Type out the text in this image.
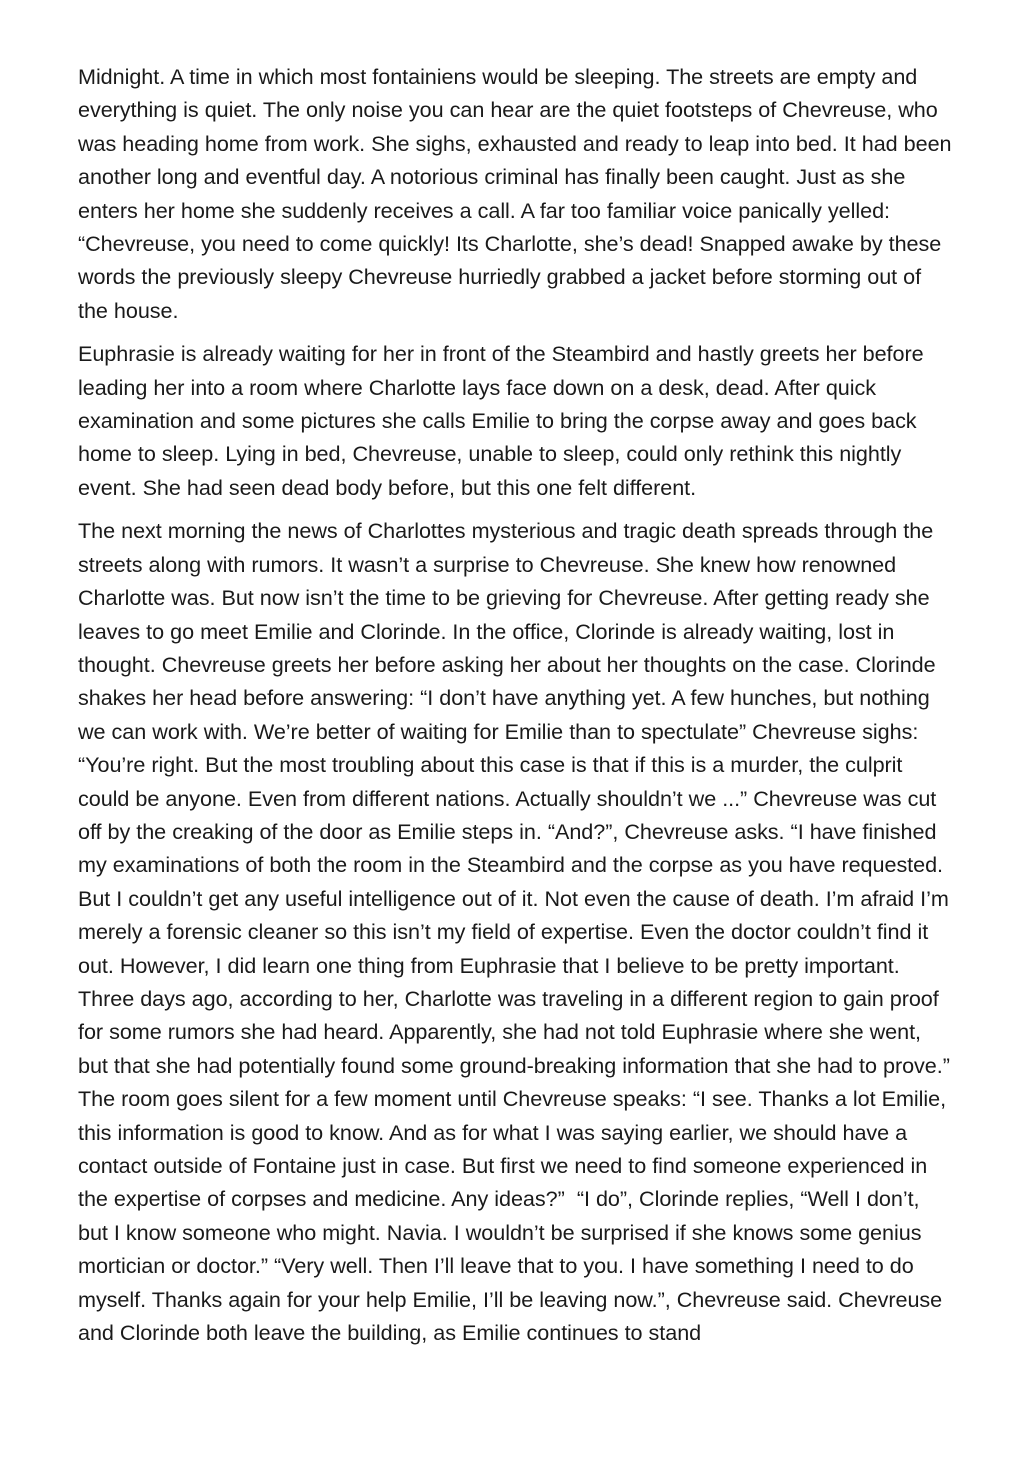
Midnight. A time in which most fontainiens would be sleeping. The streets are empty and everything is quiet. The only noise you can hear are the quiet footsteps of Chevreuse, who was heading home from work. She sighs, exhausted and ready to leap into bed. It had been another long and eventful day. A notorious criminal has finally been caught. Just as she enters her home she suddenly receives a call. A far too familiar voice panically yelled: “Chevreuse, you need to come quickly! Its Charlotte, she’s dead! Snapped awake by these words the previously sleepy Chevreuse hurriedly grabbed a jacket before storming out of the house.

Euphrasie is already waiting for her in front of the Steambird and hastly greets her before leading her into a room where Charlotte lays face down on a desk, dead. After quick examination and some pictures she calls Emilie to bring the corpse away and goes back home to sleep. Lying in bed, Chevreuse, unable to sleep, could only rethink this nightly event. She had seen dead body before, but this one felt different.

The next morning the news of Charlottes mysterious and tragic death spreads through the streets along with rumors. It wasn’t a surprise to Chevreuse. She knew how renowned Charlotte was. But now isn’t the time to be grieving for Chevreuse. After getting ready she leaves to go meet Emilie and Clorinde. In the office, Clorinde is already waiting, lost in thought. Chevreuse greets her before asking her about her thoughts on the case. Clorinde shakes her head before answering: “I don’t have anything yet. A few hunches, but nothing we can work with. We’re better of waiting for Emilie than to spectulate” Chevreuse sighs: “You’re right. But the most troubling about this case is that if this is a murder, the culprit could be anyone. Even from different nations. Actually shouldn’t we ...” Chevreuse was cut off by the creaking of the door as Emilie steps in. “And?”, Chevreuse asks. “I have finished my examinations of both the room in the Steambird and the corpse as you have requested. But I couldn’t get any useful intelligence out of it. Not even the cause of death. I’m afraid I’m merely a forensic cleaner so this isn’t my field of expertise. Even the doctor couldn’t find it out. However, I did learn one thing from Euphrasie that I believe to be pretty important. Three days ago, according to her, Charlotte was traveling in a different region to gain proof for some rumors she had heard. Apparently, she had not told Euphrasie where she went, but that she had potentially found some ground-breaking information that she had to prove.” The room goes silent for a few moment until Chevreuse speaks: “I see. Thanks a lot Emilie, this information is good to know. And as for what I was saying earlier, we should have a contact outside of Fontaine just in case. But first we need to find someone experienced in the expertise of corpses and medicine. Any ideas?”  “I do”, Clorinde replies, “Well I don’t, but I know someone who might. Navia. I wouldn’t be surprised if she knows some genius mortician or doctor.” “Very well. Then I’ll leave that to you. I have something I need to do myself. Thanks again for your help Emilie, I’ll be leaving now.”, Chevreuse said. Chevreuse and Clorinde both leave the building, as Emilie continues to stand
